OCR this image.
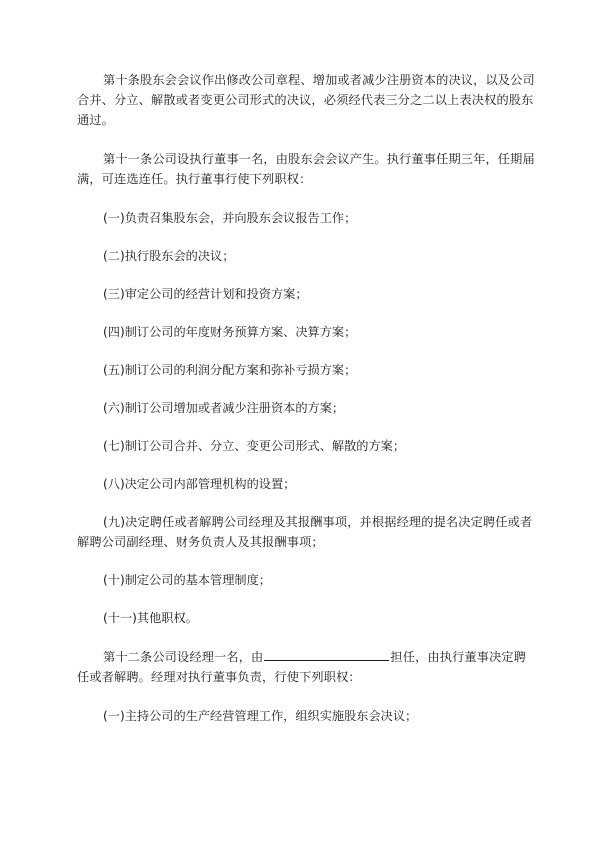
第十条股东会会议作出修改公司章程、增加或者减少注册资本的决议，以及公司
合并、分立、解散或者变更公司形式的决议，必须经代表三分之二以上表决权的股东
通过。

第十一条公司设执行董事一名，由股东会会议产生。执行董事任期三年，任期届
满，可连选连任。执行董事行使下列职权：

(一)负责召集股东会，并向股东会议报告工作；

(二)执行股东会的决议；

(三)审定公司的经营计划和投资方案；

(四)制订公司的年度财务预算方案、决算方案；

(五)制订公司的利润分配方案和弥补亏损方案；

(六)制订公司增加或者减少注册资本的方案；

(七)制订公司合并、分立、变更公司形式、解散的方案；

(八)决定公司内部管理机构的设置；

(九)决定聘任或者解聘公司经理及其报酬事项，并根据经理的提名决定聘任或者
解聘公司副经理、财务负责人及其报酬事项；

(十)制定公司的基本管理制度；

(十一)其他职权。

第十二条公司设经理一名，由	担任，由执行董事决定聘
任或者解聘。经理对执行董事负责，行使下列职权：

(一)主持公司的生产经营管理工作，组织实施股东会决议；
